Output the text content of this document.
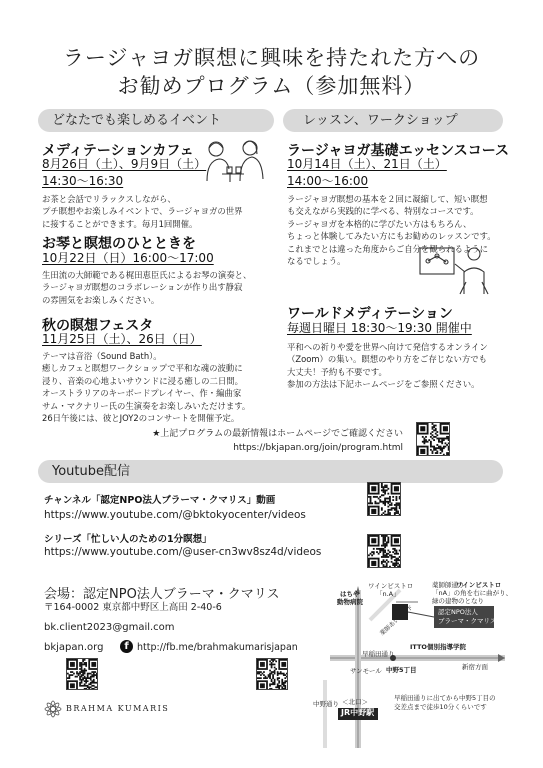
ラージャヨガ瞑想に興味を持たれた方への
お勧めプログラム（参加無料）
どなたでも楽しめるイベント	レッスン、ワークショップ
メディテーションカフェ
8月26日（土）、9月9日（土）
14:30〜16:30
お茶と会話でリラックスしながら、
プチ瞑想やお楽しみイベントで、ラージャヨガの世界
に接することができます。毎月1回開催。
お琴と瞑想のひとときを
10月22日（日）16:00〜17:00
生田流の大師範である梶田恵臣氏によるお琴の演奏と、
ラージャヨガ瞑想のコラボレーションが作り出す静寂
の雰囲気をお楽しみください。
秋の瞑想フェスタ
11月25日（土）、26日（日）
テーマは音浴（Sound Bath）。
癒しカフェと瞑想ワークショップで平和な魂の波動に
浸り、音楽の心地よいサウンドに浸る癒しの二日間。
オーストラリアのキーボードプレイヤー、作・編曲家
サム・マクナリー氏の生演奏をお楽しみいただけます。
26日午後には、彼とJOY2のコンサートを開催予定。
ラージャヨガ基礎エッセンスコース
10月14日（土）、21日（土）
14:00〜16:00
ラージャヨガ瞑想の基本を２回に凝縮して、短い瞑想
も交えながら実践的に学べる、特別なコースです。
ラージャヨガを本格的に学びたい方はもちろん、
ちょっと体験してみたい方にもお勧めのレッスンです。
これまでとは違った角度からご自分を観られるように
なるでしょう。
ワールドメディテーション
毎週日曜日 18:30〜19:30 開催中
平和への祈りや愛を世界へ向けて発信するオンライン
（Zoom）の集い。瞑想のやり方をご存じない方でも
大丈夫！予約も不要です。
参加の方法は下記ホームページをご参照ください。
★上記プログラムの最新情報はホームページでご確認ください
https://bkjapan.org/join/program.html
Youtube配信
チャンネル「認定NPO法人ブラーマ・クマリス」動画
https://www.youtube.com/@bktokyocenter/videos
シリーズ「忙しい人のための1分瞑想」
https://www.youtube.com/@user-cn3wv8sz4d/videos
会場：認定NPO法人ブラーマ・クマリス
〒164-0002 東京都中野区上高田 2-40-6
bk.client2023@gmail.com
bkjapan.org	f http://fb.me/brahmakumarisjapan
BRAHMA KUMARIS
ワインビストロ
「n.A」
薬師師通り
ワインビストロ
「nA」の角を右に曲がり、
緑の建物のとなり
はちや
動物病院
認定NPO法人
ブラーマ・クマリス
ITTO個別指導学院
早稲田通り
新宿方面
サンモール
中野通り
中野5丁目
＜北口＞
JR中野駅
薬師あいロード
早稲田通りに出てから中野5丁目の
交差点まで徒歩10分くらいです
